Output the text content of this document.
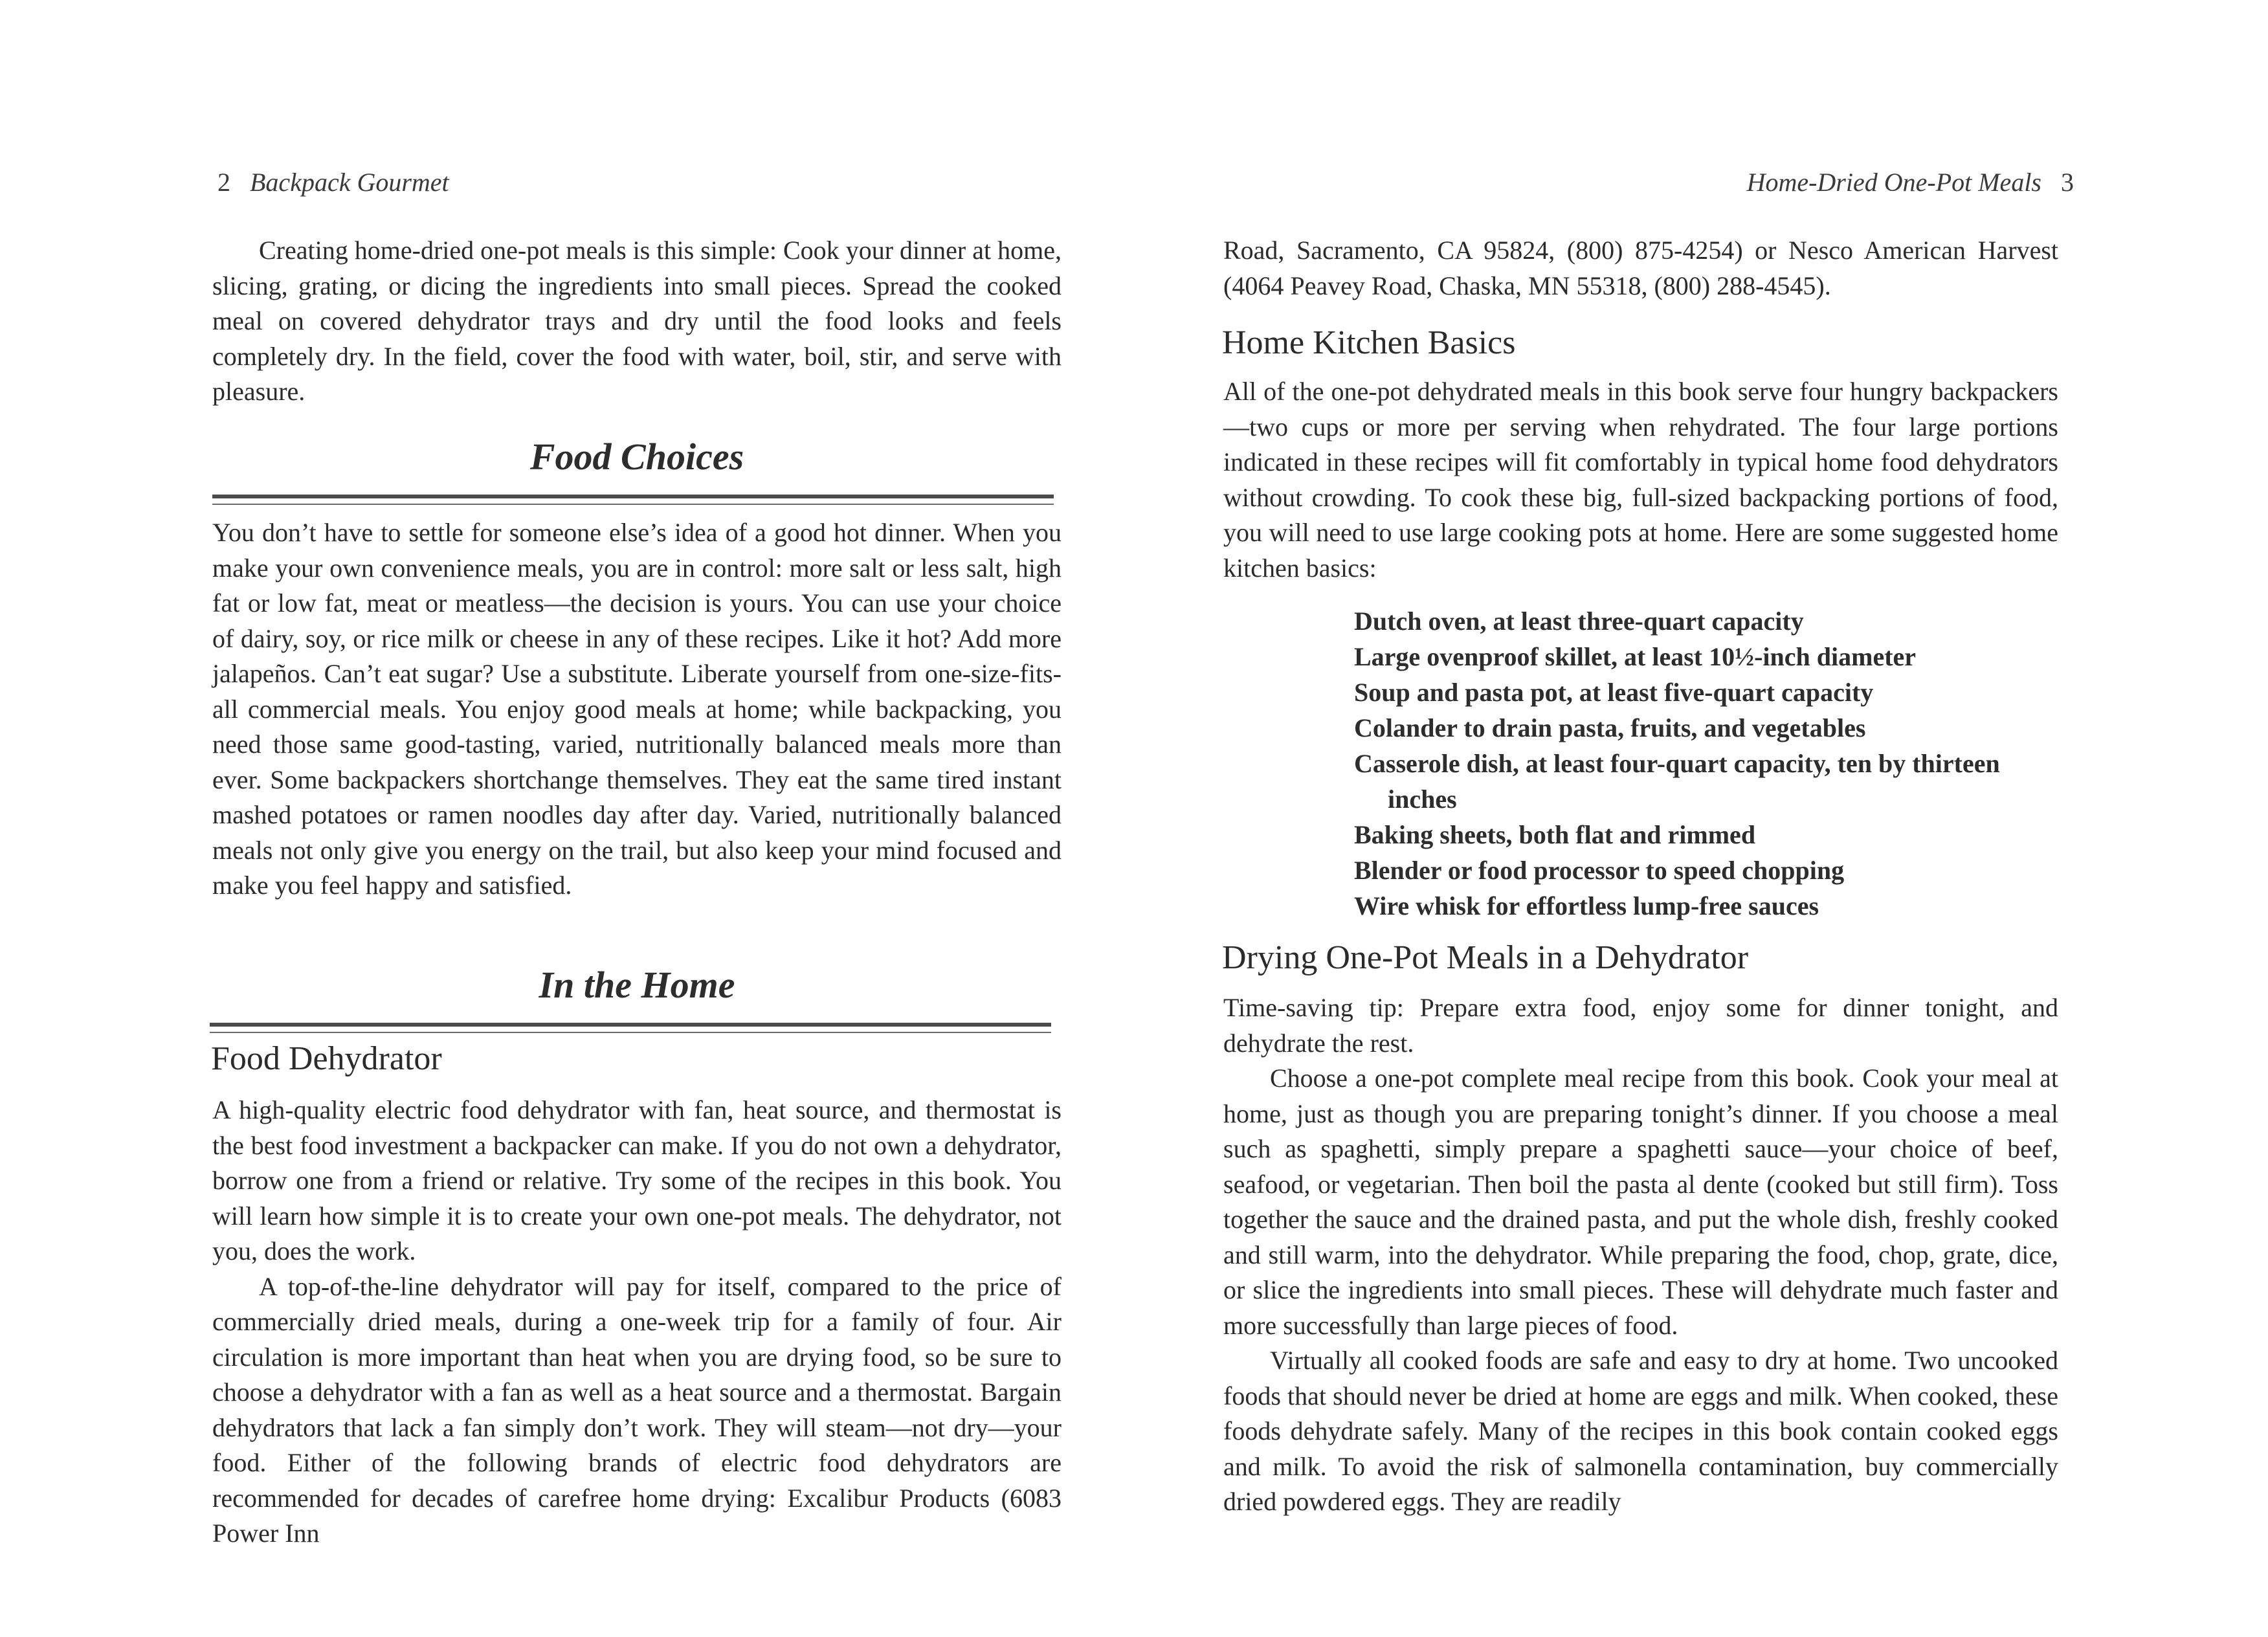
2 Backpack Gourmet

Creating home-dried one-pot meals is this simple: Cook your dinner at home, slicing, grating, or dicing the ingredients into small pieces. Spread the cooked meal on covered dehydrator trays and dry until the food looks and feels completely dry. In the field, cover the food with water, boil, stir, and serve with pleasure.

Food Choices

You don’t have to settle for someone else’s idea of a good hot dinner. When you make your own convenience meals, you are in control: more salt or less salt, high fat or low fat, meat or meatless—the decision is yours. You can use your choice of dairy, soy, or rice milk or cheese in any of these recipes. Like it hot? Add more jalapeños. Can’t eat sugar? Use a substitute. Liberate yourself from one-size-fits-all commercial meals. You enjoy good meals at home; while backpacking, you need those same good-tasting, varied, nutritionally balanced meals more than ever. Some backpackers shortchange themselves. They eat the same tired instant mashed potatoes or ramen noodles day after day. Varied, nutritionally balanced meals not only give you energy on the trail, but also keep your mind focused and make you feel happy and satisfied.

In the Home
Food Dehydrator

A high-quality electric food dehydrator with fan, heat source, and thermostat is the best food investment a backpacker can make. If you do not own a dehydrator, borrow one from a friend or relative. Try some of the recipes in this book. You will learn how simple it is to create your own one-pot meals. The dehydrator, not you, does the work.

A top-of-the-line dehydrator will pay for itself, compared to the price of commercially dried meals, during a one-week trip for a family of four. Air circulation is more important than heat when you are drying food, so be sure to choose a dehydrator with a fan as well as a heat source and a thermostat. Bargain dehydrators that lack a fan simply don’t work. They will steam—not dry—your food. Either of the following brands of electric food dehydrators are recommended for decades of carefree home drying: Excalibur Products (6083 Power Inn

Home-Dried One-Pot Meals 3

Road, Sacramento, CA 95824, (800) 875-4254) or Nesco American Harvest (4064 Peavey Road, Chaska, MN 55318, (800) 288-4545).

Home Kitchen Basics

All of the one-pot dehydrated meals in this book serve four hungry backpackers—two cups or more per serving when rehydrated. The four large portions indicated in these recipes will fit comfortably in typical home food dehydrators without crowding. To cook these big, full-sized backpacking portions of food, you will need to use large cooking pots at home. Here are some suggested home kitchen basics:

Dutch oven, at least three-quart capacity
Large ovenproof skillet, at least 10½-inch diameter
Soup and pasta pot, at least five-quart capacity
Colander to drain pasta, fruits, and vegetables
Casserole dish, at least four-quart capacity, ten by thirteen inches
Baking sheets, both flat and rimmed
Blender or food processor to speed chopping
Wire whisk for effortless lump-free sauces
Drying One-Pot Meals in a Dehydrator

Time-saving tip: Prepare extra food, enjoy some for dinner tonight, and dehydrate the rest.

Choose a one-pot complete meal recipe from this book. Cook your meal at home, just as though you are preparing tonight’s dinner. If you choose a meal such as spaghetti, simply prepare a spaghetti sauce—your choice of beef, seafood, or vegetarian. Then boil the pasta al dente (cooked but still firm). Toss together the sauce and the drained pasta, and put the whole dish, freshly cooked and still warm, into the dehydrator. While preparing the food, chop, grate, dice, or slice the ingredients into small pieces. These will dehydrate much faster and more successfully than large pieces of food.

Virtually all cooked foods are safe and easy to dry at home. Two uncooked foods that should never be dried at home are eggs and milk. When cooked, these foods dehydrate safely. Many of the recipes in this book contain cooked eggs and milk. To avoid the risk of salmonella contamination, buy commercially dried powdered eggs. They are readily
